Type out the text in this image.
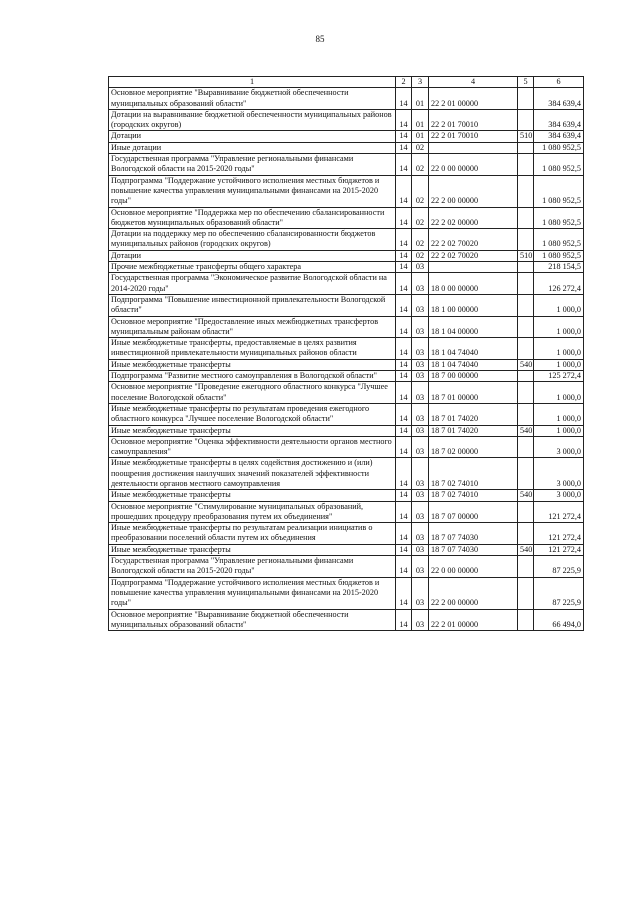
85
1	2	3	4	5	6
Основное мероприятие "Выравнивание бюджетной обеспеченности муниципальных образований области"	14	01	22 2 01 00000		384 639,4
Дотации на выравнивание бюджетной обеспеченности муниципальных районов (городских округов)	14	01	22 2 01 70010		384 639,4
Дотации	14	01	22 2 01 70010	510	384 639,4
Иные дотации	14	02			1 080 952,5
Государственная программа "Управление региональными финансами Вологодской области на 2015-2020 годы"	14	02	22 0 00 00000		1 080 952,5
Подпрограмма "Поддержание устойчивого исполнения местных бюджетов и повышение качества управления муниципальными финансами на 2015-2020 годы"	14	02	22 2 00 00000		1 080 952,5
Основное мероприятие "Поддержка мер по обеспечению сбалансированности бюджетов муниципальных образований области"	14	02	22 2 02 00000		1 080 952,5
Дотации на поддержку мер по обеспечению сбалансированности бюджетов муниципальных районов (городских округов)	14	02	22 2 02 70020		1 080 952,5
Дотации	14	02	22 2 02 70020	510	1 080 952,5
Прочие межбюджетные трансферты общего характера	14	03			218 154,5
Государственная программа "Экономическое развитие Вологодской области на 2014-2020 годы"	14	03	18 0 00 00000		126 272,4
Подпрограмма "Повышение инвестиционной привлекательности Вологодской области"	14	03	18 1 00 00000		1 000,0
Основное мероприятие "Предоставление иных межбюджетных трансфертов муниципальным районам области"	14	03	18 1 04 00000		1 000,0
Иные межбюджетные трансферты, предоставляемые в целях развития инвестиционной привлекательности муниципальных районов области	14	03	18 1 04 74040		1 000,0
Иные межбюджетные трансферты	14	03	18 1 04 74040	540	1 000,0
Подпрограмма "Развитие местного самоуправления в Вологодской области"	14	03	18 7 00 00000		125 272,4
Основное мероприятие "Проведение ежегодного областного конкурса "Лучшее поселение Вологодской области"	14	03	18 7 01 00000		1 000,0
Иные межбюджетные трансферты по результатам проведения ежегодного областного конкурса "Лучшее поселение Вологодской области"	14	03	18 7 01 74020		1 000,0
Иные межбюджетные трансферты	14	03	18 7 01 74020	540	1 000,0
Основное мероприятие "Оценка эффективности деятельности органов местного самоуправления"	14	03	18 7 02 00000		3 000,0
Иные межбюджетные трансферты в целях содействия достижению и (или) поощрения достижения наилучших значений показателей эффективности деятельности органов местного самоуправления	14	03	18 7 02 74010		3 000,0
Иные межбюджетные трансферты	14	03	18 7 02 74010	540	3 000,0
Основное мероприятие "Стимулирование муниципальных образований, прошедших процедуру преобразования путем их объединения"	14	03	18 7 07 00000		121 272,4
Иные межбюджетные трансферты по результатам реализации инициатив о преобразовании поселений области путем их объединения	14	03	18 7 07 74030		121 272,4
Иные межбюджетные трансферты	14	03	18 7 07 74030	540	121 272,4
Государственная программа "Управление региональными финансами Вологодской области на 2015-2020 годы"	14	03	22 0 00 00000		87 225,9
Подпрограмма "Поддержание устойчивого исполнения местных бюджетов и повышение качества управления муниципальными финансами на 2015-2020 годы"	14	03	22 2 00 00000		87 225,9
Основное мероприятие "Выравнивание бюджетной обеспеченности муниципальных образований области"	14	03	22 2 01 00000		66 494,0
